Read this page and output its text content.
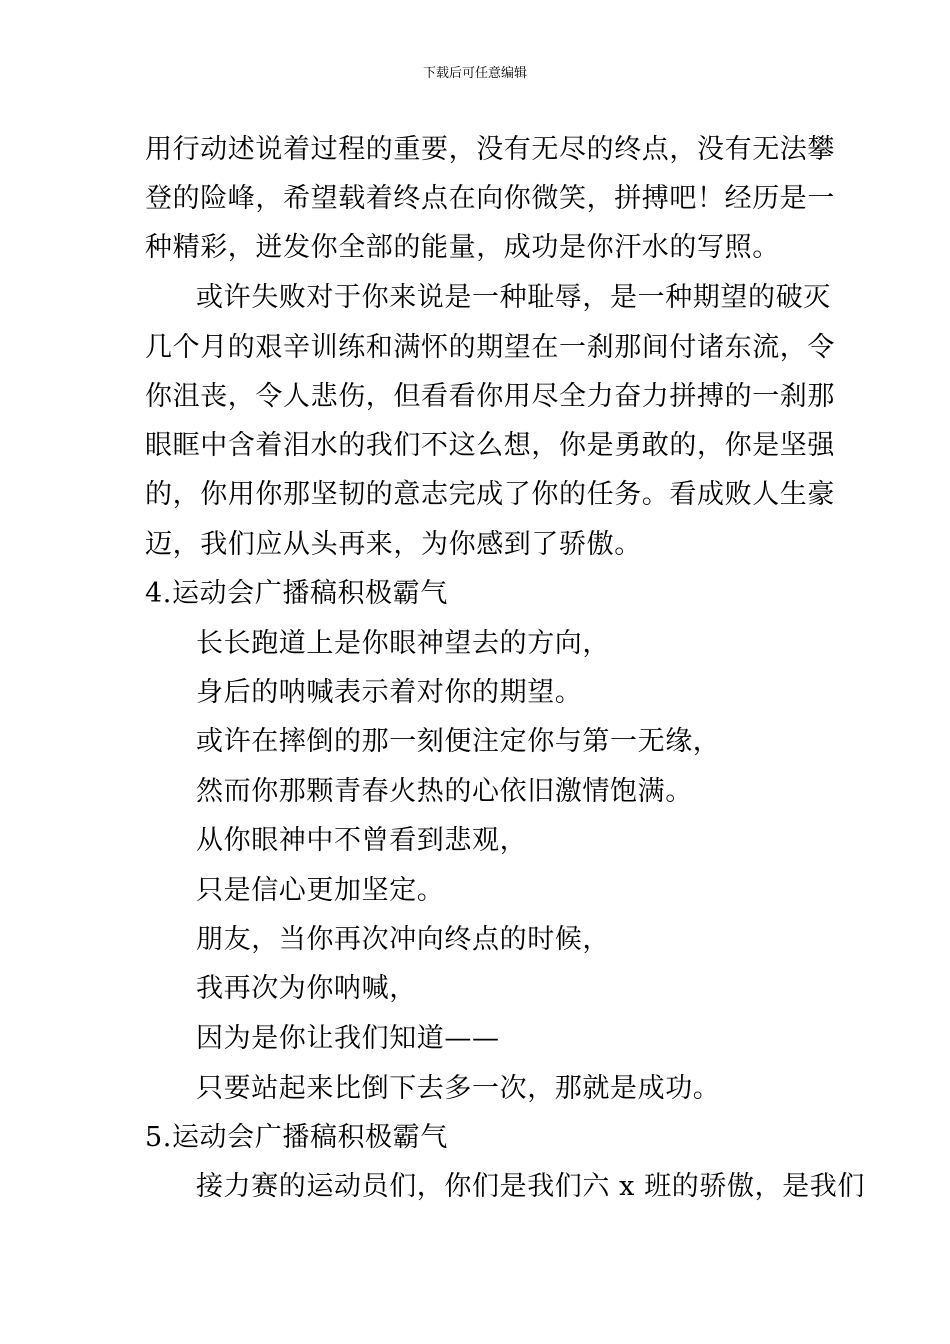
下载后可任意编辑
用行动述说着过程的重要，没有无尽的终点，没有无法攀
登的险峰，希望载着终点在向你微笑，拼搏吧！经历是一
种精彩，迸发你全部的能量，成功是你汗水的写照。
或许失败对于你来说是一种耻辱，是一种期望的破灭
几个月的艰辛训练和满怀的期望在一刹那间付诸东流，令
你沮丧，令人悲伤，但看看你用尽全力奋力拼搏的一刹那
眼眶中含着泪水的我们不这么想，你是勇敢的，你是坚强
的，你用你那坚韧的意志完成了你的任务。看成败人生豪
迈，我们应从头再来，为你感到了骄傲。
4.运动会广播稿积极霸气
长长跑道上是你眼神望去的方向，
身后的呐喊表示着对你的期望。
或许在摔倒的那一刻便注定你与第一无缘，
然而你那颗青春火热的心依旧激情饱满。
从你眼神中不曾看到悲观，
只是信心更加坚定。
朋友，当你再次冲向终点的时候，
我再次为你呐喊，
因为是你让我们知道——
只要站起来比倒下去多一次，那就是成功。
5.运动会广播稿积极霸气
接力赛的运动员们，你们是我们六 x 班的骄傲，是我们
